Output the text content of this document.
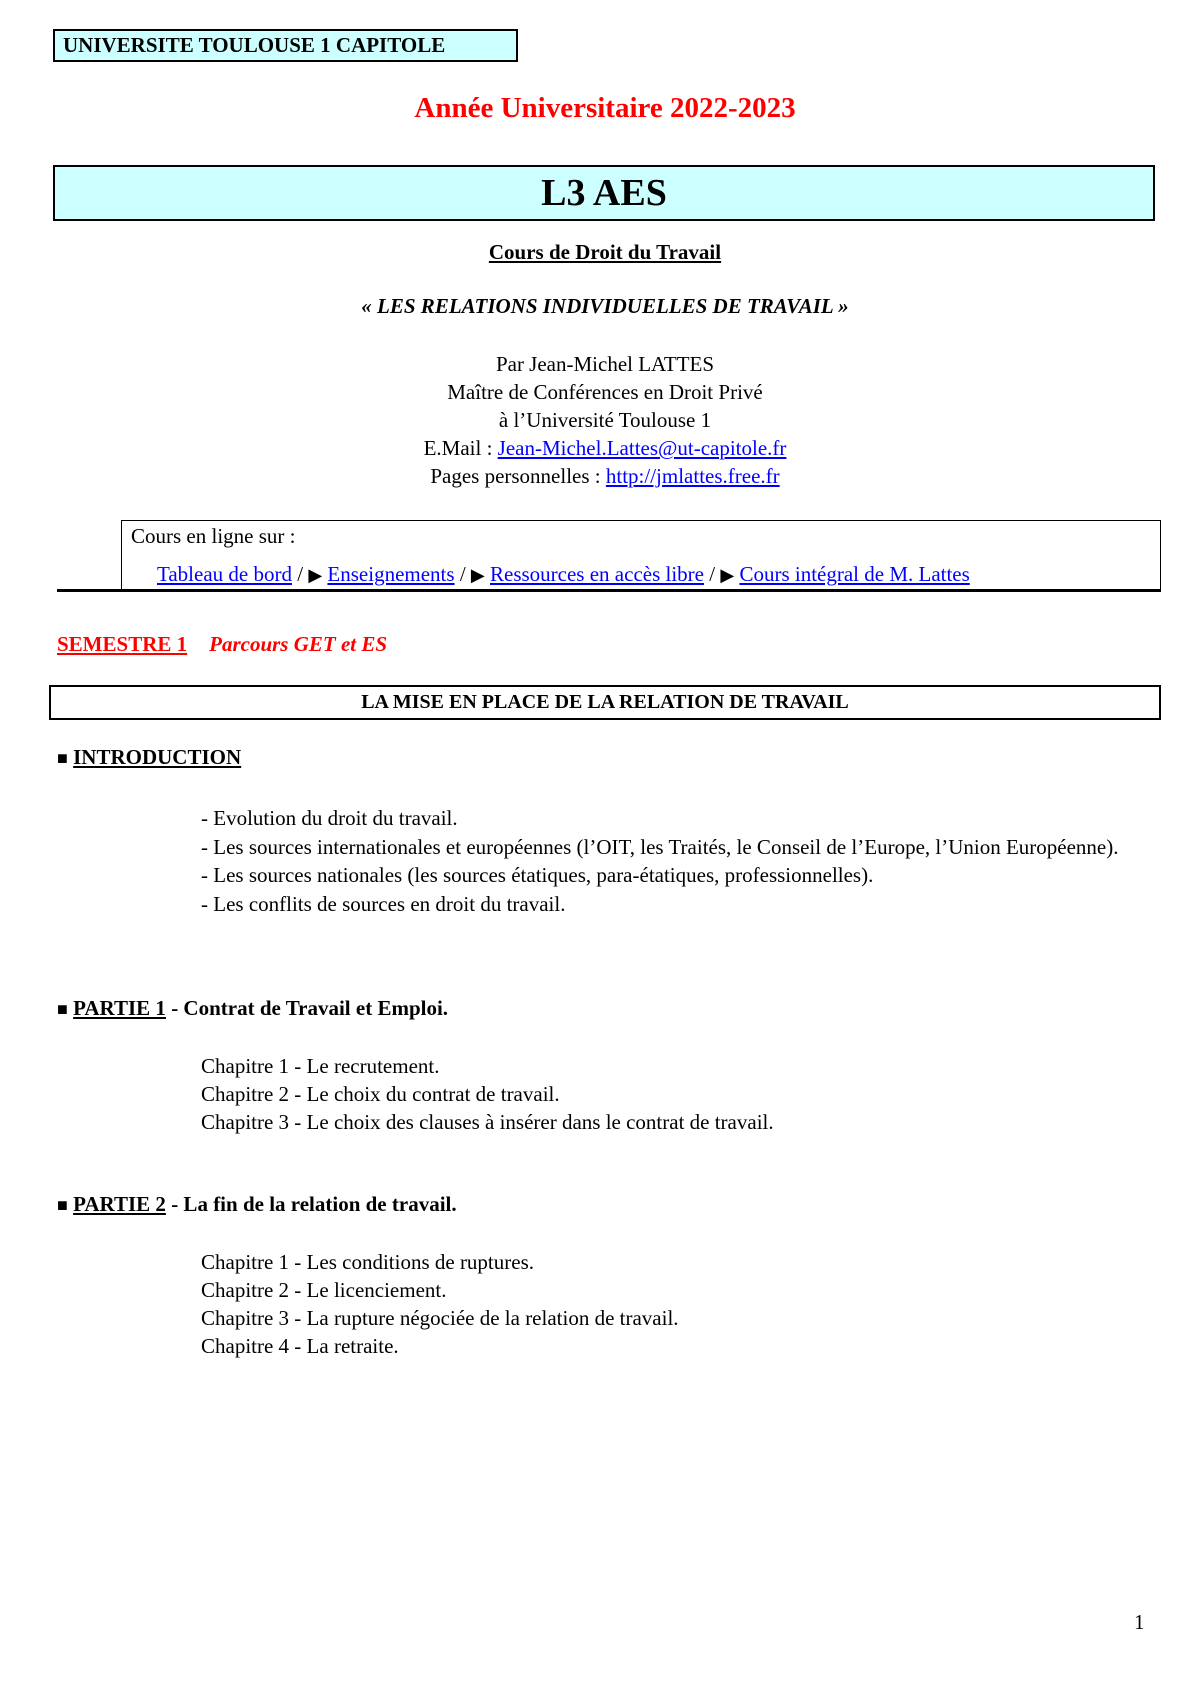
UNIVERSITE TOULOUSE 1 CAPITOLE
Année Universitaire 2022-2023
L3 AES
Cours de Droit du Travail
« LES RELATIONS INDIVIDUELLES DE TRAVAIL »
Par Jean-Michel LATTES
Maître de Conférences en Droit Privé
à l’Université Toulouse 1
E.Mail : Jean-Michel.Lattes@ut-capitole.fr
Pages personnelles : http://jmlattes.free.fr
Cours en ligne sur :
Tableau de bord / ▶ Enseignements / ▶ Ressources en accès libre / ▶ Cours intégral de M. Lattes
SEMESTRE 1 Parcours GET et ES
LA MISE EN PLACE DE LA RELATION DE TRAVAIL
■ INTRODUCTION
- Evolution du droit du travail.
- Les sources internationales et européennes (l’OIT, les Traités, le Conseil de l’Europe, l’Union Européenne).
- Les sources nationales (les sources étatiques, para-étatiques, professionnelles).
- Les conflits de sources en droit du travail.
■ PARTIE 1 - Contrat de Travail et Emploi.
Chapitre 1 - Le recrutement.
Chapitre 2 - Le choix du contrat de travail.
Chapitre 3 - Le choix des clauses à insérer dans le contrat de travail.
■ PARTIE 2 - La fin de la relation de travail.
Chapitre 1 - Les conditions de ruptures.
Chapitre 2 - Le licenciement.
Chapitre 3 - La rupture négociée de la relation de travail.
Chapitre 4 - La retraite.
1
